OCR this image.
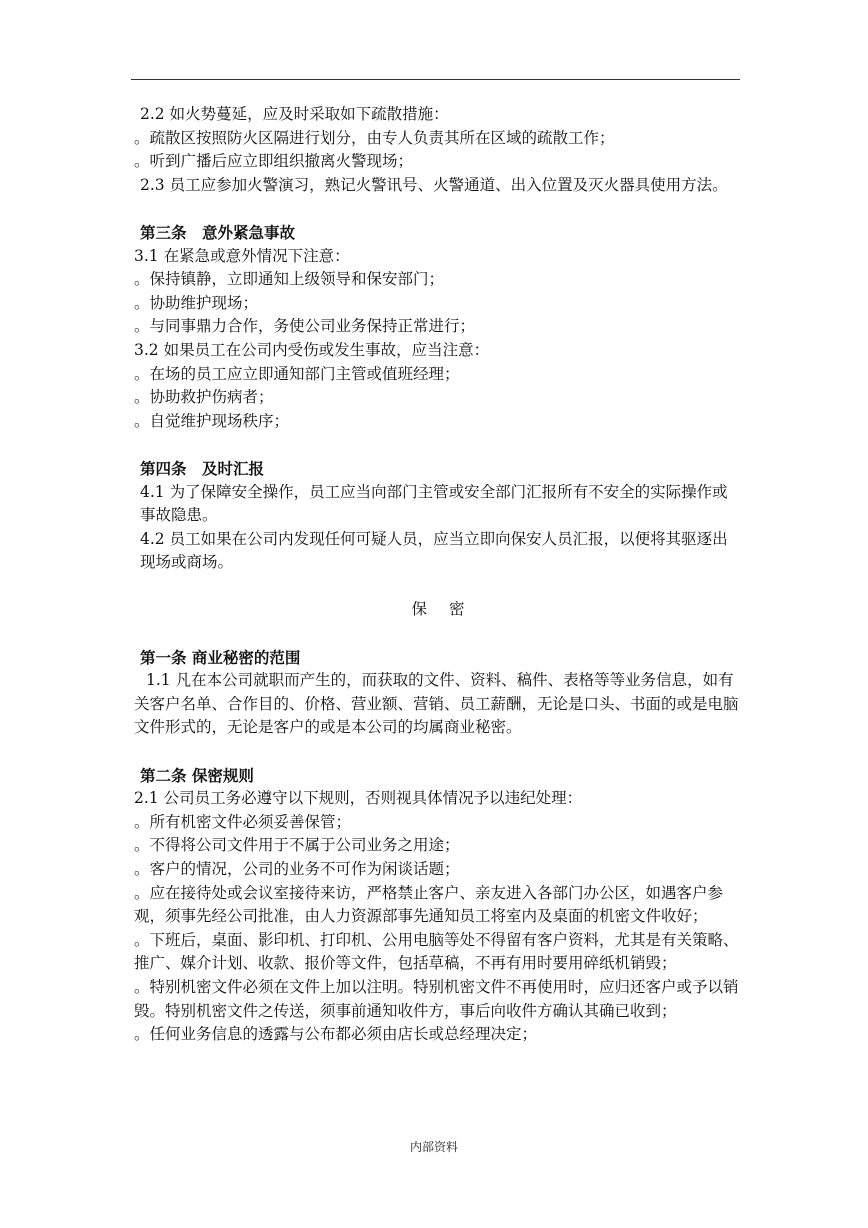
2.2 如火势蔓延，应及时采取如下疏散措施：

。疏散区按照防火区隔进行划分，由专人负责其所在区域的疏散工作；

。听到广播后应立即组织撤离火警现场；

2.3 员工应参加火警演习，熟记火警讯号、火警通道、出入位置及灭火器具使用方法。

第三条　意外紧急事故

3.1 在紧急或意外情况下注意：

。保持镇静，立即通知上级领导和保安部门；

。协助维护现场；

。与同事鼎力合作，务使公司业务保持正常进行；

3.2 如果员工在公司内受伤或发生事故，应当注意：

。在场的员工应立即通知部门主管或值班经理；

。协助救护伤病者；

。自觉维护现场秩序；

第四条　及时汇报

4.1 为了保障安全操作，员工应当向部门主管或安全部门汇报所有不安全的实际操作或事故隐患。

4.2 员工如果在公司内发现任何可疑人员，应当立即向保安人员汇报，以便将其驱逐出现场或商场。

保密

第一条 商业秘密的范围

1.1 凡在本公司就职而产生的，而获取的文件、资料、稿件、表格等等业务信息，如有关客户名单、合作目的、价格、营业额、营销、员工薪酬，无论是口头、书面的或是电脑文件形式的，无论是客户的或是本公司的均属商业秘密。

第二条 保密规则

2.1 公司员工务必遵守以下规则，否则视具体情况予以违纪处理：

。所有机密文件必须妥善保管；

。不得将公司文件用于不属于公司业务之用途；

。客户的情况，公司的业务不可作为闲谈话题；

。应在接待处或会议室接待来访，严格禁止客户、亲友进入各部门办公区，如遇客户参观，须事先经公司批准，由人力资源部事先通知员工将室内及桌面的机密文件收好；

。下班后，桌面、影印机、打印机、公用电脑等处不得留有客户资料，尤其是有关策略、推广、媒介计划、收款、报价等文件，包括草稿，不再有用时要用碎纸机销毁；

。特别机密文件必须在文件上加以注明。特别机密文件不再使用时，应归还客户或予以销毁。特别机密文件之传送，须事前通知收件方，事后向收件方确认其确已收到；

。任何业务信息的透露与公布都必须由店长或总经理决定；

内部资料
